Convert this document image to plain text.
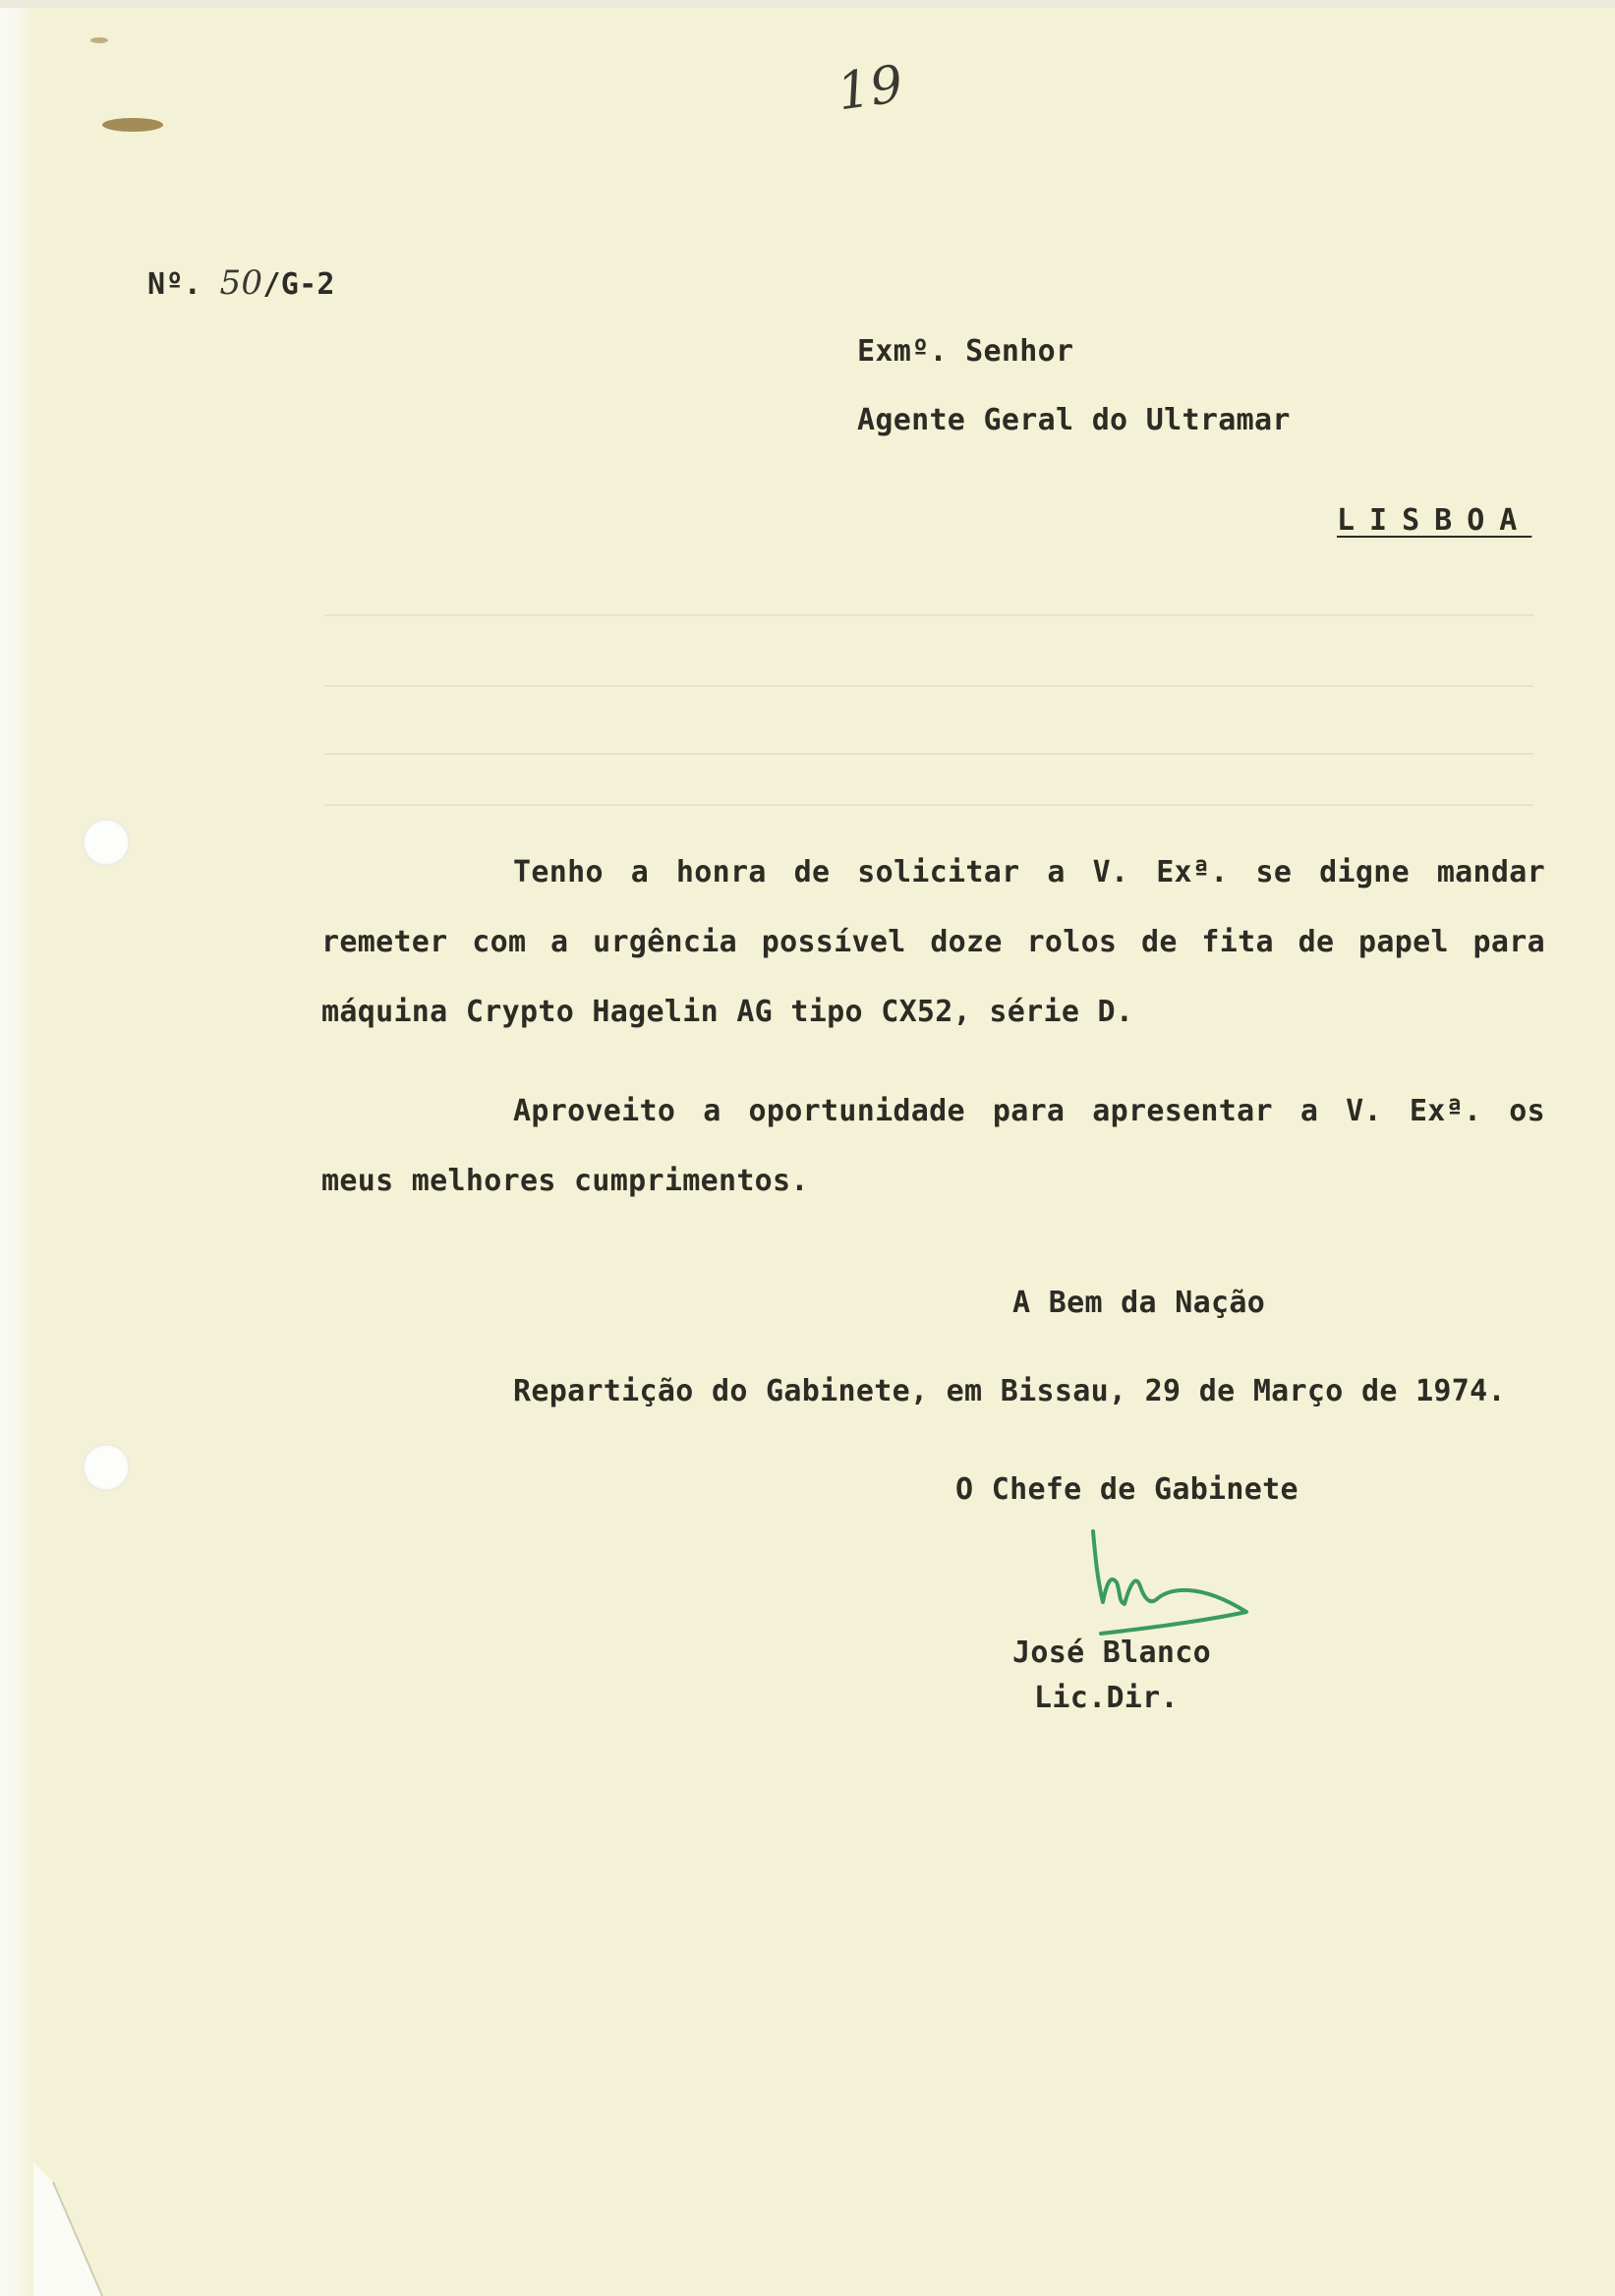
19
Nº. 50/G-2
Exmº. Senhor
Agente Geral do Ultramar
LISBOA
Tenho a honra de solicitar a V. Exª. se digne mandar remeter com a urgência possível doze rolos de fita de papel para máquina Crypto Hagelin AG tipo CX52, série D.
Aproveito a oportunidade para apresentar a V. Exª. os meus melhores cumprimentos.
A Bem da Nação
Repartição do Gabinete, em Bissau, 29 de Março de 1974.
O Chefe de Gabinete
José Blanco
Lic.Dir.
